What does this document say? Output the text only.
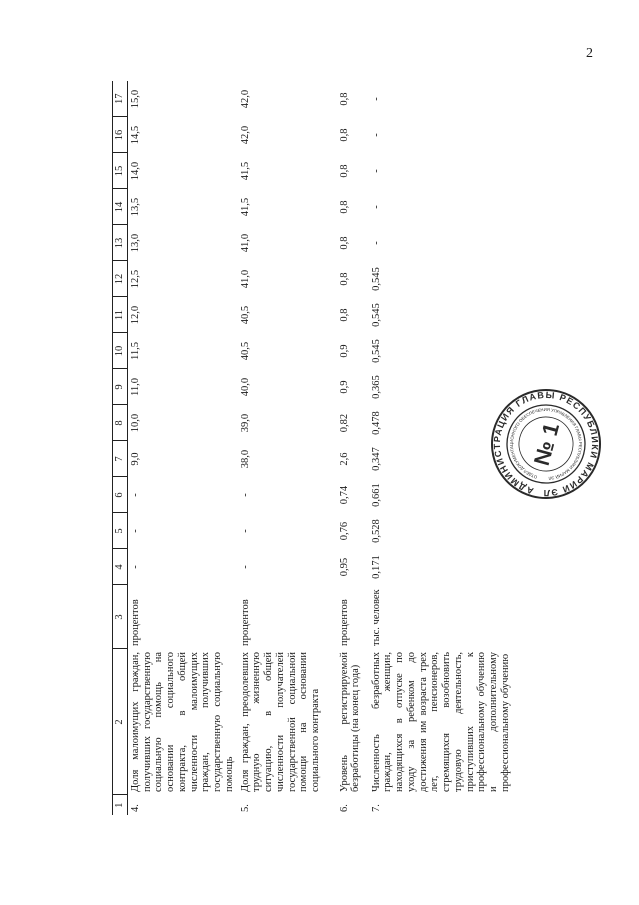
2
1	2	3	4	5	6	7	8	9	10	11	12	13	14	15	16	17
4.	Доля малоимущих граждан, получивших государственную социальную помощь на основании социального контракта, в общей численности малоимущих граждан, получивших государственную социальную помощь	процентов	-	-	-	9,0	10,0	11,0	11,5	12,0	12,5	13,0	13,5	14,0	14,5	15,0
5.	Доля граждан, преодолевших трудную жизненную ситуацию, в общей численности получателей государственной социальной помощи на основании социального контракта	процентов	-	-	-	38,0	39,0	40,0	40,5	40,5	41,0	41,0	41,5	41,5	42,0	42,0
6.	Уровень регистрируемой безработицы (на конец года)	процентов	0,95	0,76	0,74	2,6	0,82	0,9	0,9	0,8	0,8	0,8	0,8	0,8	0,8	0,8
7.	Численность безработных граждан, женщин, находящихся в отпуске по уходу за ребенком до достижения им возраста трех лет, пенсионеров, стремящихся возобновить трудовую деятельность, приступивших к профессиональному обучению и дополнительному профессиональному обучению	тыс. человек	0,171	0,528	0,661	0,347	0,478	0,365	0,545	0,545	0,545	-	-	-	-	-
АДМИНИСТРАЦИЯ ГЛАВЫ РЕСПУБЛИКИ МАРИЙ ЭЛ
ОТДЕЛ ДОКУМЕНТАЦИОННОГО ОБЕСПЕЧЕНИЯ УПРАВЛЕНИЯ ГЛАВЫ РЕСПУБЛИКИ МАРИЙ ЭЛ
№ 1
